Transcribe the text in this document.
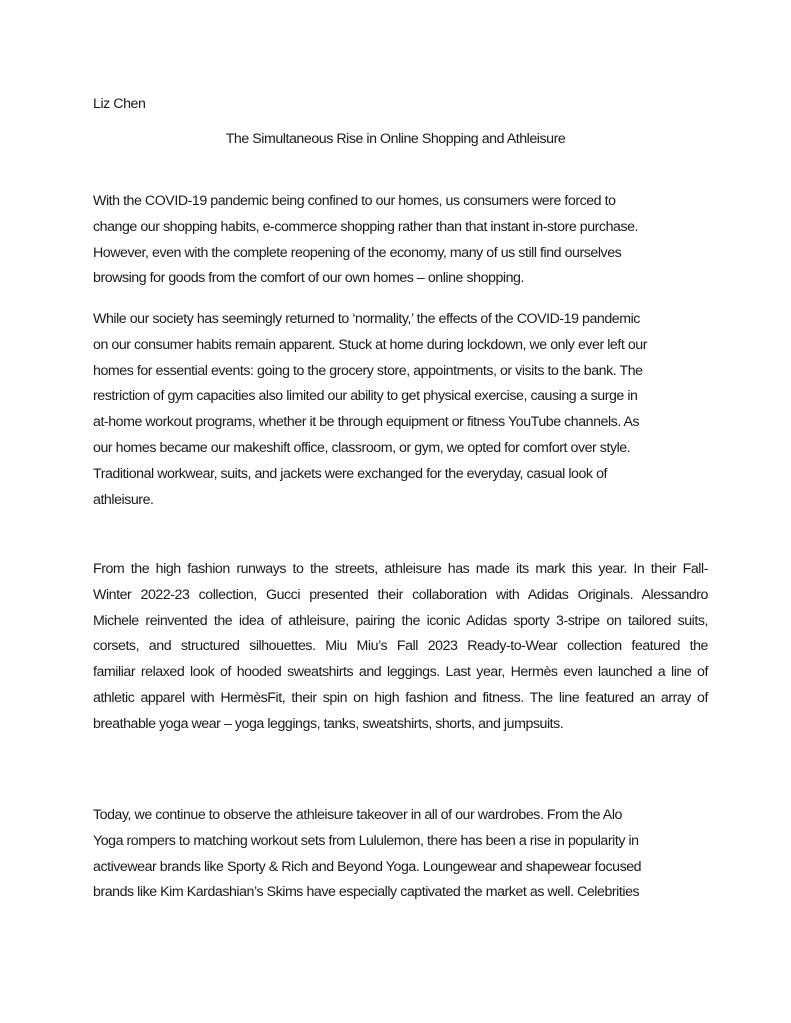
Liz Chen
The Simultaneous Rise in Online Shopping and Athleisure
With the COVID-19 pandemic being confined to our homes, us consumers were forced to
change our shopping habits, e-commerce shopping rather than that instant in-store purchase.
However, even with the complete reopening of the economy, many of us still find ourselves
browsing for goods from the comfort of our own homes – online shopping.
While our society has seemingly returned to ‘normality,’ the effects of the COVID-19 pandemic
on our consumer habits remain apparent. Stuck at home during lockdown, we only ever left our
homes for essential events: going to the grocery store, appointments, or visits to the bank. The
restriction of gym capacities also limited our ability to get physical exercise, causing a surge in
at-home workout programs, whether it be through equipment or fitness YouTube channels. As
our homes became our makeshift office, classroom, or gym, we opted for comfort over style.
Traditional workwear, suits, and jackets were exchanged for the everyday, casual look of
athleisure.
From the high fashion runways to the streets, athleisure has made its mark this year. In their Fall-
Winter 2022-23 collection, Gucci presented their collaboration with Adidas Originals. Alessandro
Michele reinvented the idea of athleisure, pairing the iconic Adidas sporty 3-stripe on tailored suits,
corsets, and structured silhouettes. Miu Miu’s Fall 2023 Ready-to-Wear collection featured the
familiar relaxed look of hooded sweatshirts and leggings. Last year, Hermès even launched a line of
athletic apparel with HermèsFit, their spin on high fashion and fitness. The line featured an array of
breathable yoga wear – yoga leggings, tanks, sweatshirts, shorts, and jumpsuits.
Today, we continue to observe the athleisure takeover in all of our wardrobes. From the Alo
Yoga rompers to matching workout sets from Lululemon, there has been a rise in popularity in
activewear brands like Sporty & Rich and Beyond Yoga. Loungewear and shapewear focused
brands like Kim Kardashian’s Skims have especially captivated the market as well. Celebrities
